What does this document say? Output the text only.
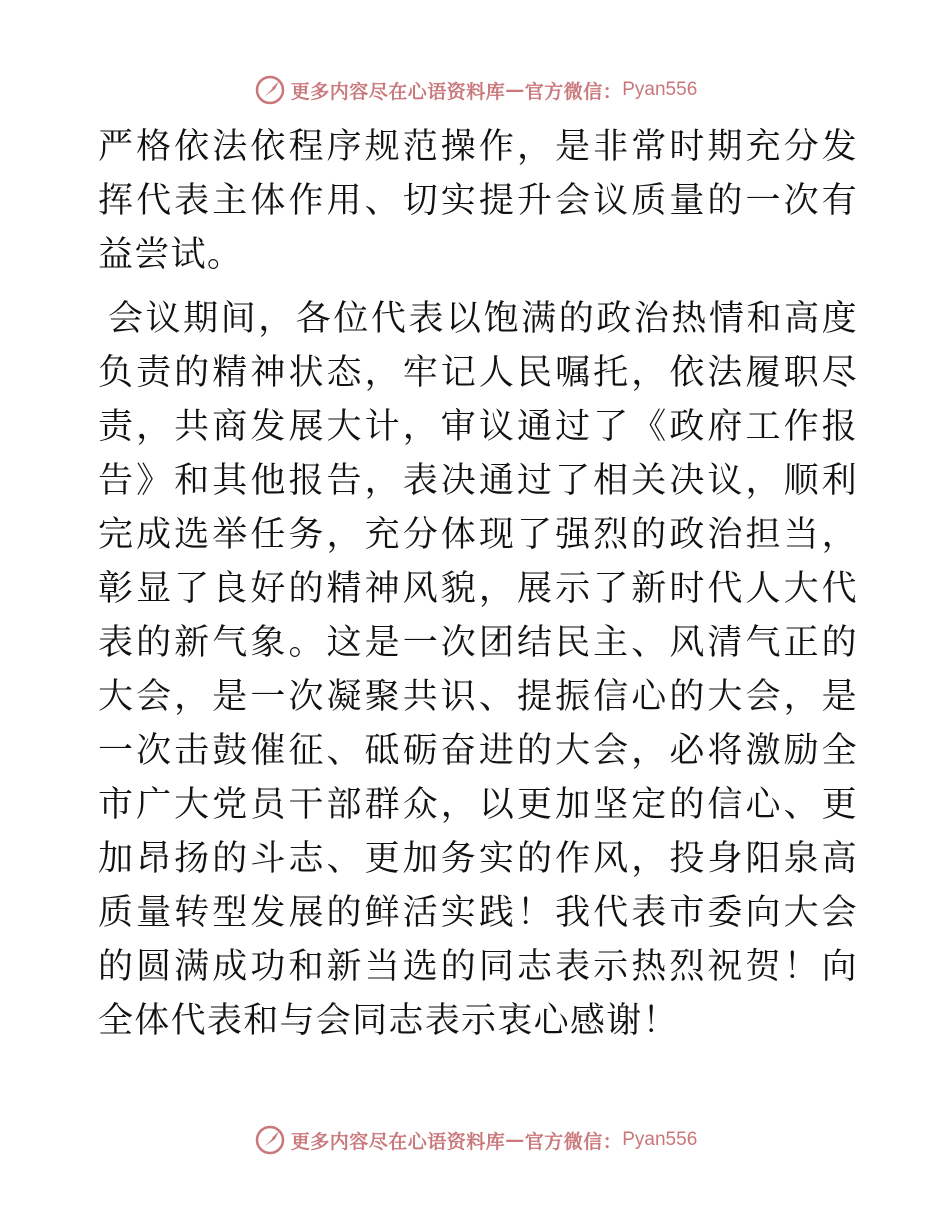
更多内容尽在心语资料库 — 官方微信： Pyan556

严格依法依程序规范操作，是非常时期充分发挥代表主体作用、切实提升会议质量的一次有益尝试。

会议期间，各位代表以饱满的政治热情和高度负责的精神状态，牢记人民嘱托，依法履职尽责，共商发展大计，审议通过了《政府工作报告》和其他报告，表决通过了相关决议，顺利完成选举任务，充分体现了强烈的政治担当，彰显了良好的精神风貌，展示了新时代人大代表的新气象。这是一次团结民主、风清气正的大会，是一次凝聚共识、提振信心的大会，是一次击鼓催征、砥砺奋进的大会，必将激励全市广大党员干部群众，以更加坚定的信心、更加昂扬的斗志、更加务实的作风，投身阳泉高质量转型发展的鲜活实践！我代表市委向大会的圆满成功和新当选的同志表示热烈祝贺！向全体代表和与会同志表示衷心感谢！

更多内容尽在心语资料库 — 官方微信： Pyan556
